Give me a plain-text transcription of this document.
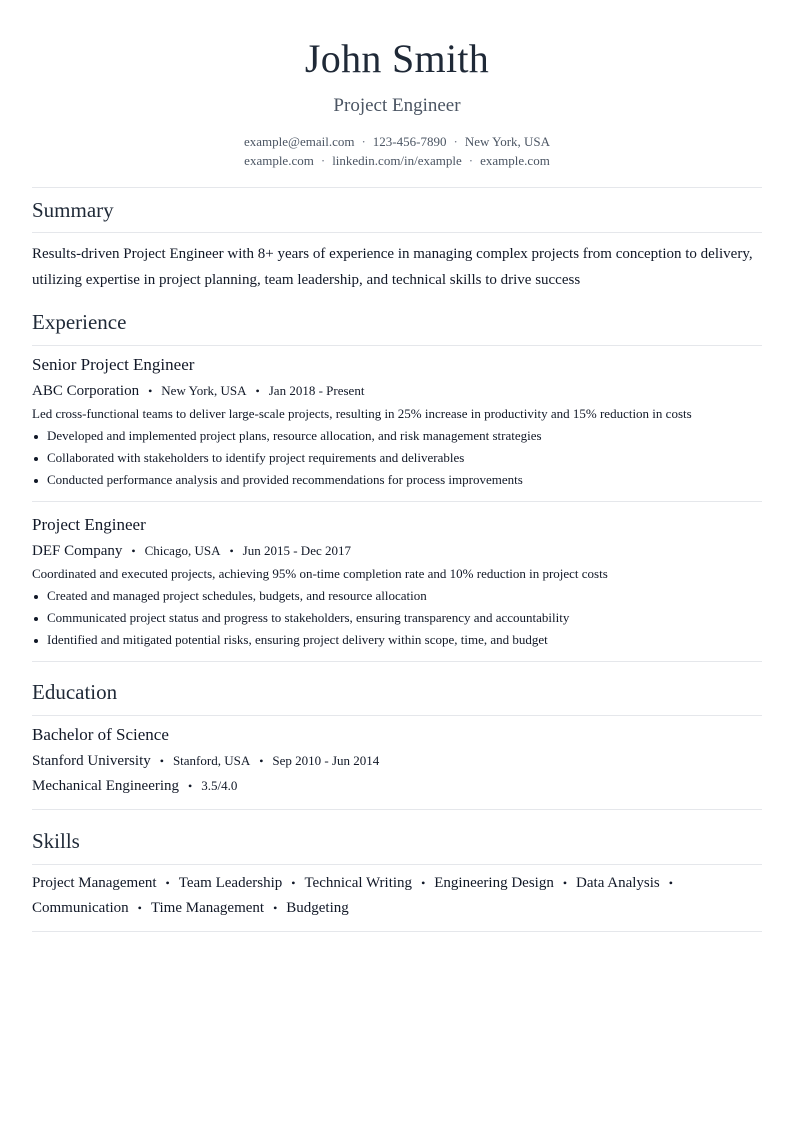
John Smith
Project Engineer
example@email.com · 123-456-7890 · New York, USA
example.com · linkedin.com/in/example · example.com
Summary
Results-driven Project Engineer with 8+ years of experience in managing complex projects from conception to delivery, utilizing expertise in project planning, team leadership, and technical skills to drive success
Experience
Senior Project Engineer
ABC Corporation • New York, USA • Jan 2018 - Present
Led cross-functional teams to deliver large-scale projects, resulting in 25% increase in productivity and 15% reduction in costs
Developed and implemented project plans, resource allocation, and risk management strategies
Collaborated with stakeholders to identify project requirements and deliverables
Conducted performance analysis and provided recommendations for process improvements
Project Engineer
DEF Company • Chicago, USA • Jun 2015 - Dec 2017
Coordinated and executed projects, achieving 95% on-time completion rate and 10% reduction in project costs
Created and managed project schedules, budgets, and resource allocation
Communicated project status and progress to stakeholders, ensuring transparency and accountability
Identified and mitigated potential risks, ensuring project delivery within scope, time, and budget
Education
Bachelor of Science
Stanford University • Stanford, USA • Sep 2010 - Jun 2014
Mechanical Engineering • 3.5/4.0
Skills
Project Management • Team Leadership • Technical Writing • Engineering Design • Data Analysis •
Communication • Time Management • Budgeting
